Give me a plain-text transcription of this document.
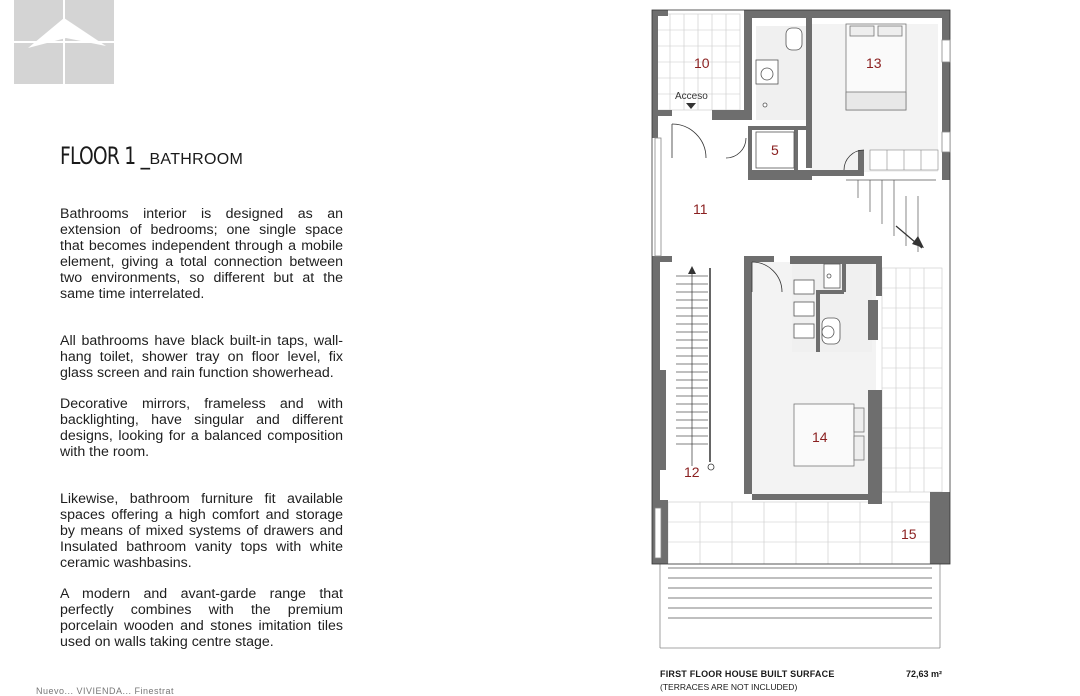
FLOOR 1 _ BATHROOM

Bathrooms interior is designed as an extension of bedrooms; one single space that becomes independent through a mobile element, giving a total connection between two environments, so different but at the same time interrelated.

All bathrooms have black built-in taps, wall-hang toilet, shower tray on floor level, fix glass screen and rain function showerhead.

Decorative mirrors, frameless and with backlighting, have singular and different designs, looking for a balanced composition with the room.

Likewise, bathroom furniture fit available spaces offering a high comfort and storage by means of mixed systems of drawers and Insulated bathroom vanity tops with white ceramic washbasins.

A modern and avant-garde range that perfectly combines with the premium porcelain wooden and stones imitation tiles used on walls taking centre stage.

Nuevo... VIVIENDA... Finestrat
10	13
5
11
14
12
15
Acceso
FIRST FLOOR HOUSE BUILT SURFACE	72,63 m²
(TERRACES ARE NOT INCLUDED)
